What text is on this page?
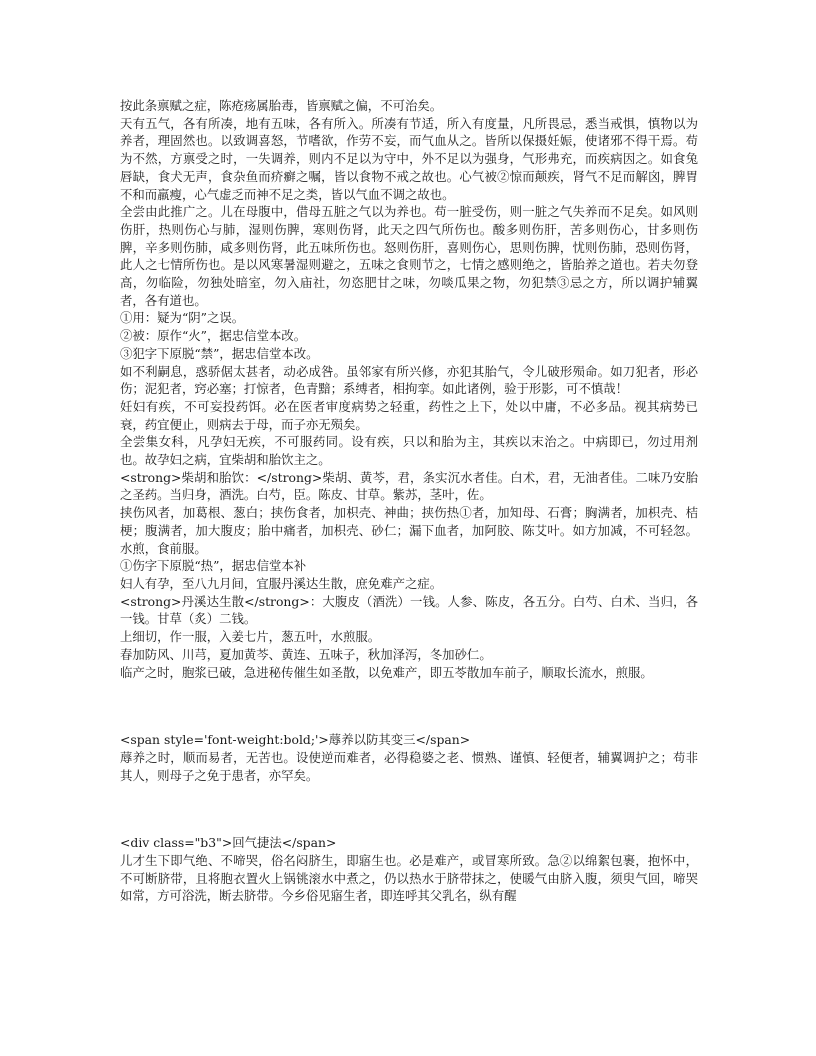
按此条禀赋之症，陈疮疡属胎毒，皆禀赋之偏，不可治矣。

天有五气，各有所凑，地有五味，各有所入。所凑有节适，所入有度量，凡所畏忌，悉当戒惧，慎物以为养者，理固然也。以致调喜怒，节嗜欲，作劳不妄，而气血从之。皆所以保摄妊娠，使诸邪不得干焉。苟为不然，方禀受之时，一失调养，则内不足以为守中，外不足以为强身，气形弗充，而疾病因之。如食兔唇缺，食犬无声，食杂鱼而疥癣之嘱，皆以食物不戒之故也。心气被②惊而颠疾，肾气不足而解囟，脾胃不和而羸瘦，心气虚乏而神不足之类，皆以气血不调之故也。

全尝由此推广之。儿在母腹中，借母五脏之气以为养也。苟一脏受伤，则一脏之气失养而不足矣。如风则伤肝，热则伤心与肺，湿则伤脾，寒则伤肾，此天之四气所伤也。酸多则伤肝，苦多则伤心，甘多则伤脾，辛多则伤肺，咸多则伤肾，此五味所伤也。怒则伤肝，喜则伤心，思则伤脾，忧则伤肺，恐则伤肾，此人之七情所伤也。是以风寒暑湿则避之，五味之食则节之，七情之感则绝之，皆胎养之道也。若夫勿登高，勿临险，勿独处暗室，勿入庙社，勿恣肥甘之味，勿啖瓜果之物，勿犯禁③忌之方，所以调护辅翼者，各有道也。

①用：疑为“阴”之误。

②被：原作“火”，据忠信堂本改。

③犯字下原脱“禁”，据忠信堂本改。

如不利嗣息，惑骄倨太甚者，动必成咎。虽邻家有所兴修，亦犯其胎气，令儿破形殒命。如刀犯者，形必伤；泥犯者，窍必塞；打惊者，色青黯；系缚者，相拘挛。如此诸例，验于形影，可不慎哉！

妊妇有疾，不可妄投药饵。必在医者审度病势之轻重，药性之上下，处以中庸，不必多品。视其病势已衰，药宜便止，则病去于母，而子亦无殒矣。

全尝集女科，凡孕妇无疾，不可服药同。设有疾，只以和胎为主，其疾以末治之。中病即已，勿过用剂也。故孕妇之病，宜柴胡和胎饮主之。

<strong>柴胡和胎饮：</strong>柴胡、黄芩，君，条实沉水者佳。白术，君，无油者佳。二味乃安胎之圣药。当归身，酒洗。白芍，臣。陈皮、甘草。紫苏，茎叶，佐。

挟伤风者，加葛根、葱白；挟伤食者，加枳壳、神曲；挟伤热①者，加知母、石膏；胸满者，加枳壳、桔梗；腹满者，加大腹皮；胎中痛者，加枳壳、砂仁；漏下血者，加阿胶、陈艾叶。如方加减，不可轻忽。水煎，食前服。

①伤字下原脱“热”，据忠信堂本补

妇人有孕，至八九月间，宜服丹溪达生散，庶免难产之症。

<strong>丹溪达生散</strong>：大腹皮（酒洗）一钱。人参、陈皮，各五分。白芍、白术、当归，各一钱。甘草（炙）二钱。

上细切，作一服，入姜七片，葱五叶，水煎服。

春加防风、川芎，夏加黄芩、黄连、五味子，秋加泽泻，冬加砂仁。

临产之时，胞浆已破，急进秘传催生如圣散，以免难产，即五苓散加车前子，顺取长流水，煎服。

<span style='font-weight:bold;'>蓐养以防其变三</span>

蓐养之时，顺而易者，无苦也。设使逆而难者，必得稳婆之老、惯熟、谨慎、轻便者，辅翼调护之；苟非其人，则母子之免于患者，亦罕矣。

<div class="b3">回气捷法</span>

儿才生下即气绝、不啼哭，俗名闷脐生，即寤生也。必是难产，或冒寒所致。急②以绵絮包裹，抱怀中，不可断脐带，且将胞衣置火上锅铫滚水中煮之，仍以热水于脐带抹之，使暖气由脐入腹，须臾气回，啼哭如常，方可浴洗，断去脐带。今乡俗见寤生者，即连呼其父乳名，纵有醒
